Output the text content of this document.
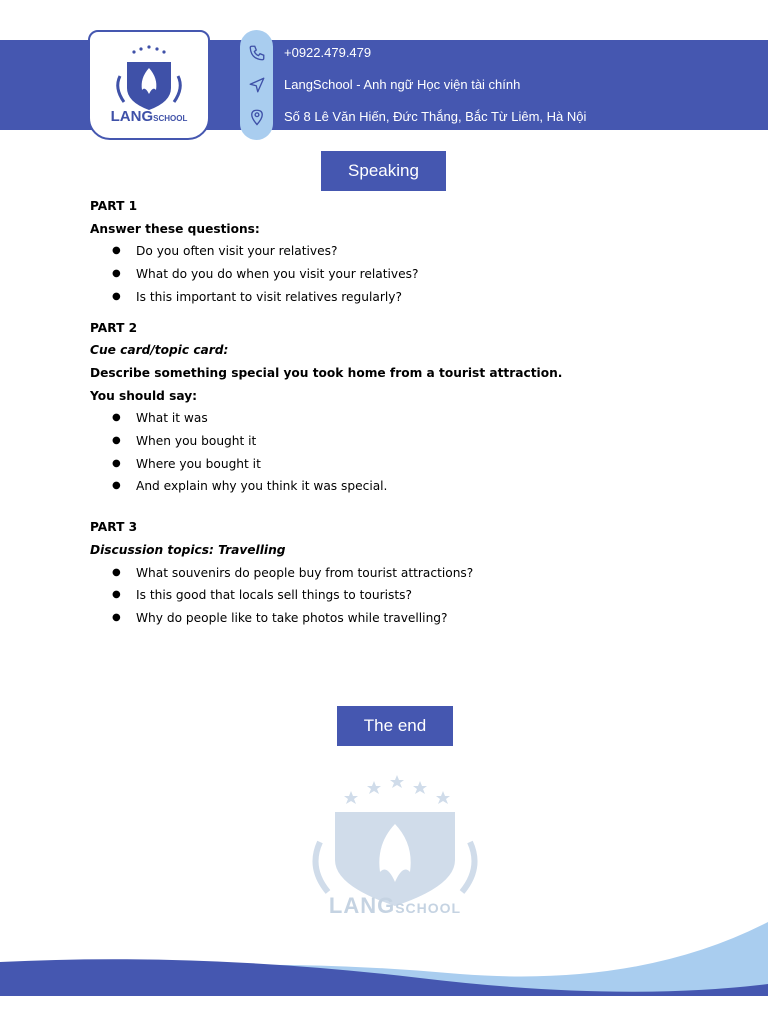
LANGSCHOOL
+0922.479.479
LangSchool - Anh ngữ Học viện tài chính
Số 8 Lê Văn Hiến, Đức Thắng, Bắc Từ Liêm, Hà Nội
Speaking
PART 1
Answer these questions:
● Do you often visit your relatives?
● What do you do when you visit your relatives?
● Is this important to visit relatives regularly?
PART 2
Cue card/topic card:
Describe something special you took home from a tourist attraction.
You should say:
● What it was
● When you bought it
● Where you bought it
● And explain why you think it was special.
PART 3
Discussion topics: Travelling
● What souvenirs do people buy from tourist attractions?
● Is this good that locals sell things to tourists?
● Why do people like to take photos while travelling?
The end
LANGSCHOOL
